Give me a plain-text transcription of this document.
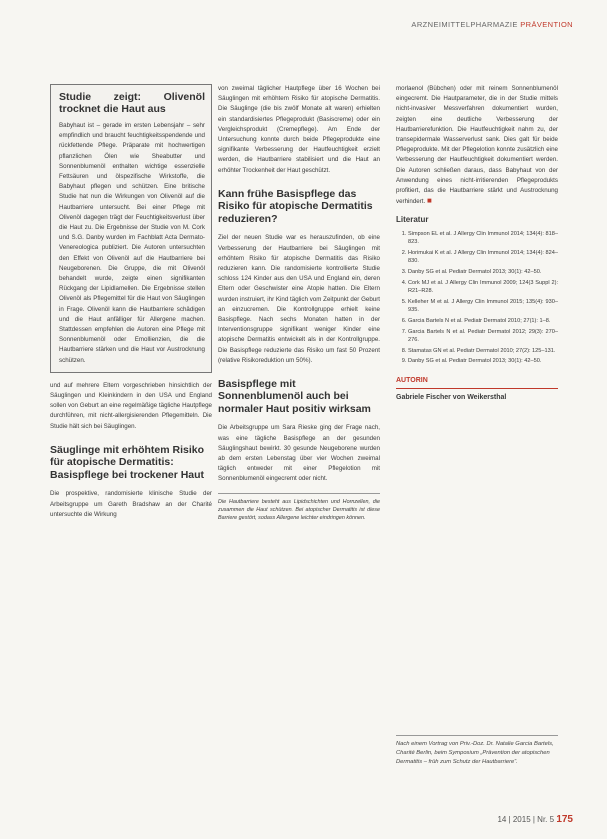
ARZNEIMITTELPHARMAZIE PRÄVENTION
Studie zeigt: Olivenöl trocknet die Haut aus
Babyhaut ist – gerade im ersten Lebensjahr – sehr empfindlich und braucht feuchtigkeitsspendende und rückfettende Pflege. Präparate mit hochwertigen pflanzlichen Ölen wie Sheabutter und Sonnenblumenöl enthalten wichtige essenzielle Fettsäuren und ölspezifische Wirkstoffe, die Babyhaut pflegen und schützen. Eine britische Studie hat nun die Wirkungen von Olivenöl auf die Hautbarriere untersucht. Bei einer Pflege mit Olivenöl dagegen trägt der Feuchtigkeitsverlust über die Haut zu. Die Ergebnisse der Studie von M. Cork und S.G. Danby wurden im Fachblatt Acta Dermato-Venereologica publiziert. Die Autoren untersuchten den Effekt von Olivenöl auf die Hautbarriere bei Neugeborenen. Die Gruppe, die mit Olivenöl behandelt wurde, zeigte einen signifikanten Rückgang der Lipidlamellen. Die Ergebnisse stellen Olivenöl als Pflegemittel für die Haut von Säuglingen in Frage. Olivenöl kann die Hautbarriere schädigen und die Haut anfälliger für Allergene machen. Stattdessen empfehlen die Autoren eine Pflege mit Sonnenblumenöl oder Emollienzien, die die Hautbarriere stärken und die Haut vor Austrocknung schützen.

und auf mehrere Eltern vorgeschrieben hinsichtlich der Säuglingen und Kleinkindern in den USA und England sollen von Geburt an eine regelmäßige tägliche Hautpflege durchführen, mit nicht-allergisierenden Pflegemitteln. Die Studie hält sich bei Säuglingen.

Säuglinge mit erhöhtem Risiko für atopische Dermatitis: Basispflege bei trockener Haut

Die prospektive, randomisierte klinische Studie der Arbeitsgruppe um Gareth Bradshaw an der Charité untersuchte die Wirkung

von zweimal täglicher Hautpflege über 16 Wochen bei Säuglingen mit erhöhtem Risiko für atopische Dermatitis. Die Säuglinge (die bis zwölf Monate alt waren) erhielten ein standardisiertes Pflegeprodukt (Basiscreme) oder ein Vergleichsprodukt (Cremepflege). Am Ende der Untersuchung konnte durch beide Pflegeprodukte eine signifikante Verbesserung der Hautfeuchtigkeit erzielt werden, die Hautbarriere stabilisiert und die Haut an erhöhter Trockenheit der Haut geschützt.

Kann frühe Basispflege das Risiko für atopische Dermatitis reduzieren?

Ziel der neuen Studie war es herauszufinden, ob eine Verbesserung der Hautbarriere bei Säuglingen mit erhöhtem Risiko für atopische Dermatitis das Risiko reduzieren kann. Die randomisierte kontrollierte Studie schloss 124 Kinder aus den USA und England ein, deren Eltern oder Geschwister eine Atopie hatten. Die Eltern wurden instruiert, ihr Kind täglich vom Zeitpunkt der Geburt an einzucremen. Die Kontrollgruppe erhielt keine Basispflege. Nach sechs Monaten hatten in der Interventionsgruppe signifikant weniger Kinder eine atopische Dermatitis entwickelt als in der Kontrollgruppe. Die Basispflege reduzierte das Risiko um fast 50 Prozent (relative Risikoreduktion um 50%).

Basispflege mit Sonnenblumenöl auch bei normaler Haut positiv wirksam

Die Arbeitsgruppe um Sara Rieske ging der Frage nach, was eine tägliche Basispflege an der gesunden Säuglingshaut bewirkt. 30 gesunde Neugeborene wurden ab dem ersten Lebenstag über vier Wochen zweimal täglich entweder mit einer Pflegelotion mit Sonnenblumenöl eingecremt oder nicht.

Die Hautbarriere besteht aus Lipidschichten und Hornzellen, die zusammen die Haut schützen. Bei atopischer Dermatitis ist diese Barriere gestört, sodass Allergene leichter eindringen können.

morlaenol (Bübchen) oder mit reinem Sonnenblumenöl eingecremt. Die Hautparameter, die in der Studie mittels nicht-invasiver Messverfahren dokumentiert wurden, zeigten eine deutliche Verbesserung der Hautbarrierefunktion. Die Hautfeuchtigkeit nahm zu, der transepidermale Wasserverlust sank. Dies galt für beide Pflegeprodukte. Mit der Pflegelotion konnte zusätzlich eine Verbesserung der Hautfeuchtigkeit dokumentiert werden. Die Autoren schließen daraus, dass Babyhaut von der Anwendung eines nicht-irritierenden Pflegeprodukts profitiert, das die Hautbarriere stärkt und Austrocknung verhindert. ■

Literatur
1. Simpson EL et al. J Allergy Clin Immunol 2014; 134(4): 818–823.
2. Horimukai K et al. J Allergy Clin Immunol 2014; 134(4): 824–830.
3. Danby SG et al. Pediatr Dermatol 2013; 30(1): 42–50.
4. Cork MJ et al. J Allergy Clin Immunol 2009; 124(3 Suppl 2): R21–R28.
5. Kelleher M et al. J Allergy Clin Immunol 2015; 135(4): 930–935.
6. Garcia Bartels N et al. Pediatr Dermatol 2010; 27(1): 1–8.
7. Garcia Bartels N et al. Pediatr Dermatol 2012; 29(3): 270–276.
8. Stamatas GN et al. Pediatr Dermatol 2010; 27(2): 125–131.
9. Danby SG et al. Pediatr Dermatol 2013; 30(1): 42–50.
AUTORIN
Gabriele Fischer von Weikersthal
Nach einem Vortrag von Priv.-Doz. Dr. Natalie Garcia Bartels, Charité Berlin, beim Symposium „Prävention der atopischen Dermatitis – früh zum Schutz der Hautbarriere“.
14 | 2015 | Nr. 5 175
